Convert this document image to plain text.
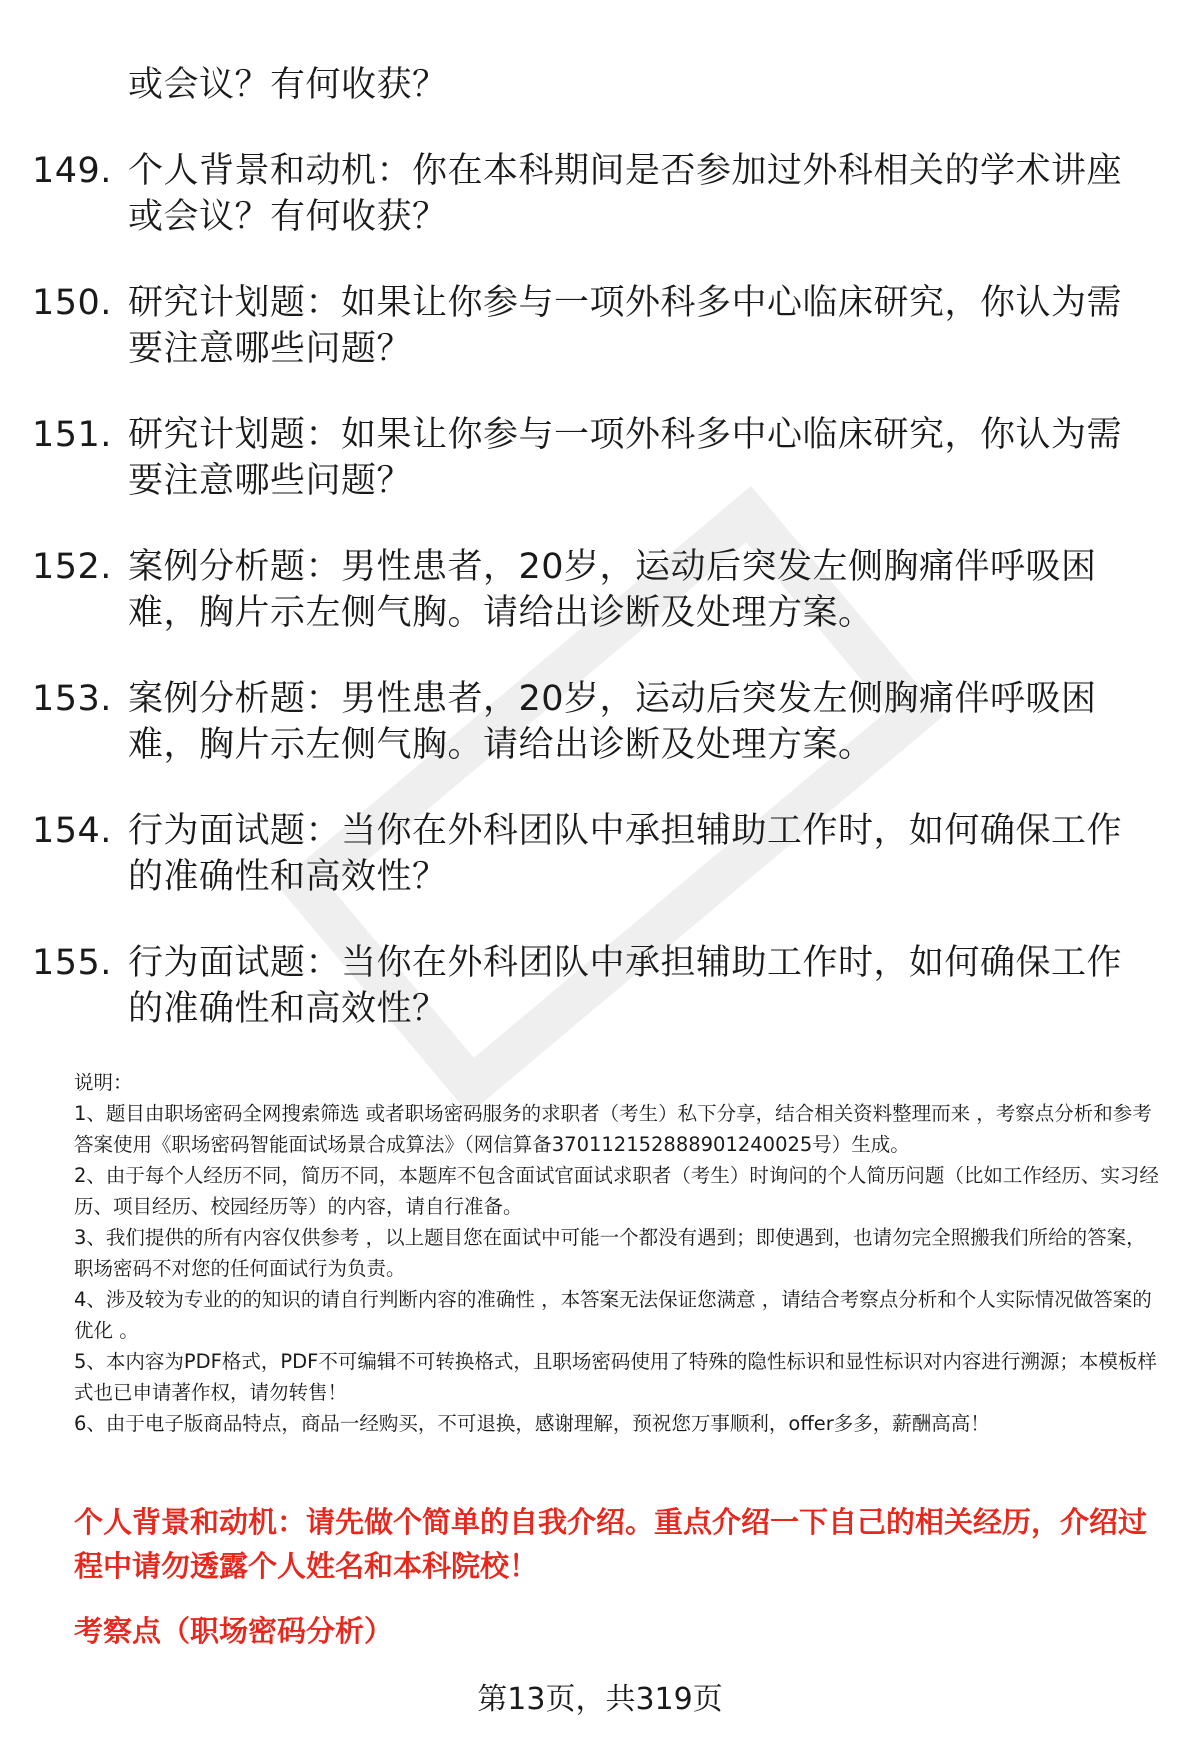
或会议？有何收获？
149. 个人背景和动机：你在本科期间是否参加过外科相关的学术讲座或会议？有何收获？
150. 研究计划题：如果让你参与一项外科多中心临床研究，你认为需要注意哪些问题？
151. 研究计划题：如果让你参与一项外科多中心临床研究，你认为需要注意哪些问题？
152. 案例分析题：男性患者，20岁，运动后突发左侧胸痛伴呼吸困难，胸片示左侧气胸。请给出诊断及处理方案。
153. 案例分析题：男性患者，20岁，运动后突发左侧胸痛伴呼吸困难，胸片示左侧气胸。请给出诊断及处理方案。
154. 行为面试题：当你在外科团队中承担辅助工作时，如何确保工作的准确性和高效性？
155. 行为面试题：当你在外科团队中承担辅助工作时，如何确保工作的准确性和高效性？

说明：

1、题目由职场密码全网搜索筛选 或者职场密码服务的求职者（考生）私下分享，结合相关资料整理而来 ，考察点分析和参考答案使用《职场密码智能面试场景合成算法》（网信算备370112152888901240025号）生成。

2、由于每个人经历不同，简历不同，本题库不包含面试官面试求职者（考生）时询问的个人简历问题（比如工作经历、实习经历、项目经历、校园经历等）的内容，请自行准备。

3、我们提供的所有内容仅供参考 ，以上题目您在面试中可能一个都没有遇到；即使遇到，也请勿完全照搬我们所给的答案，职场密码不对您的任何面试行为负责。

4、涉及较为专业的的知识的请自行判断内容的准确性 ，本答案无法保证您满意 ，请结合考察点分析和个人实际情况做答案的优化 。

5、本内容为PDF格式，PDF不可编辑不可转换格式，且职场密码使用了特殊的隐性标识和显性标识对内容进行溯源；本模板样式也已申请著作权，请勿转售！

6、由于电子版商品特点，商品一经购买，不可退换，感谢理解，预祝您万事顺利，offer多多，薪酬高高！

个人背景和动机：请先做个简单的自我介绍。重点介绍一下自己的相关经历，介绍过程中请勿透露个人姓名和本科院校！
考察点（职场密码分析）
第13页，共319页
